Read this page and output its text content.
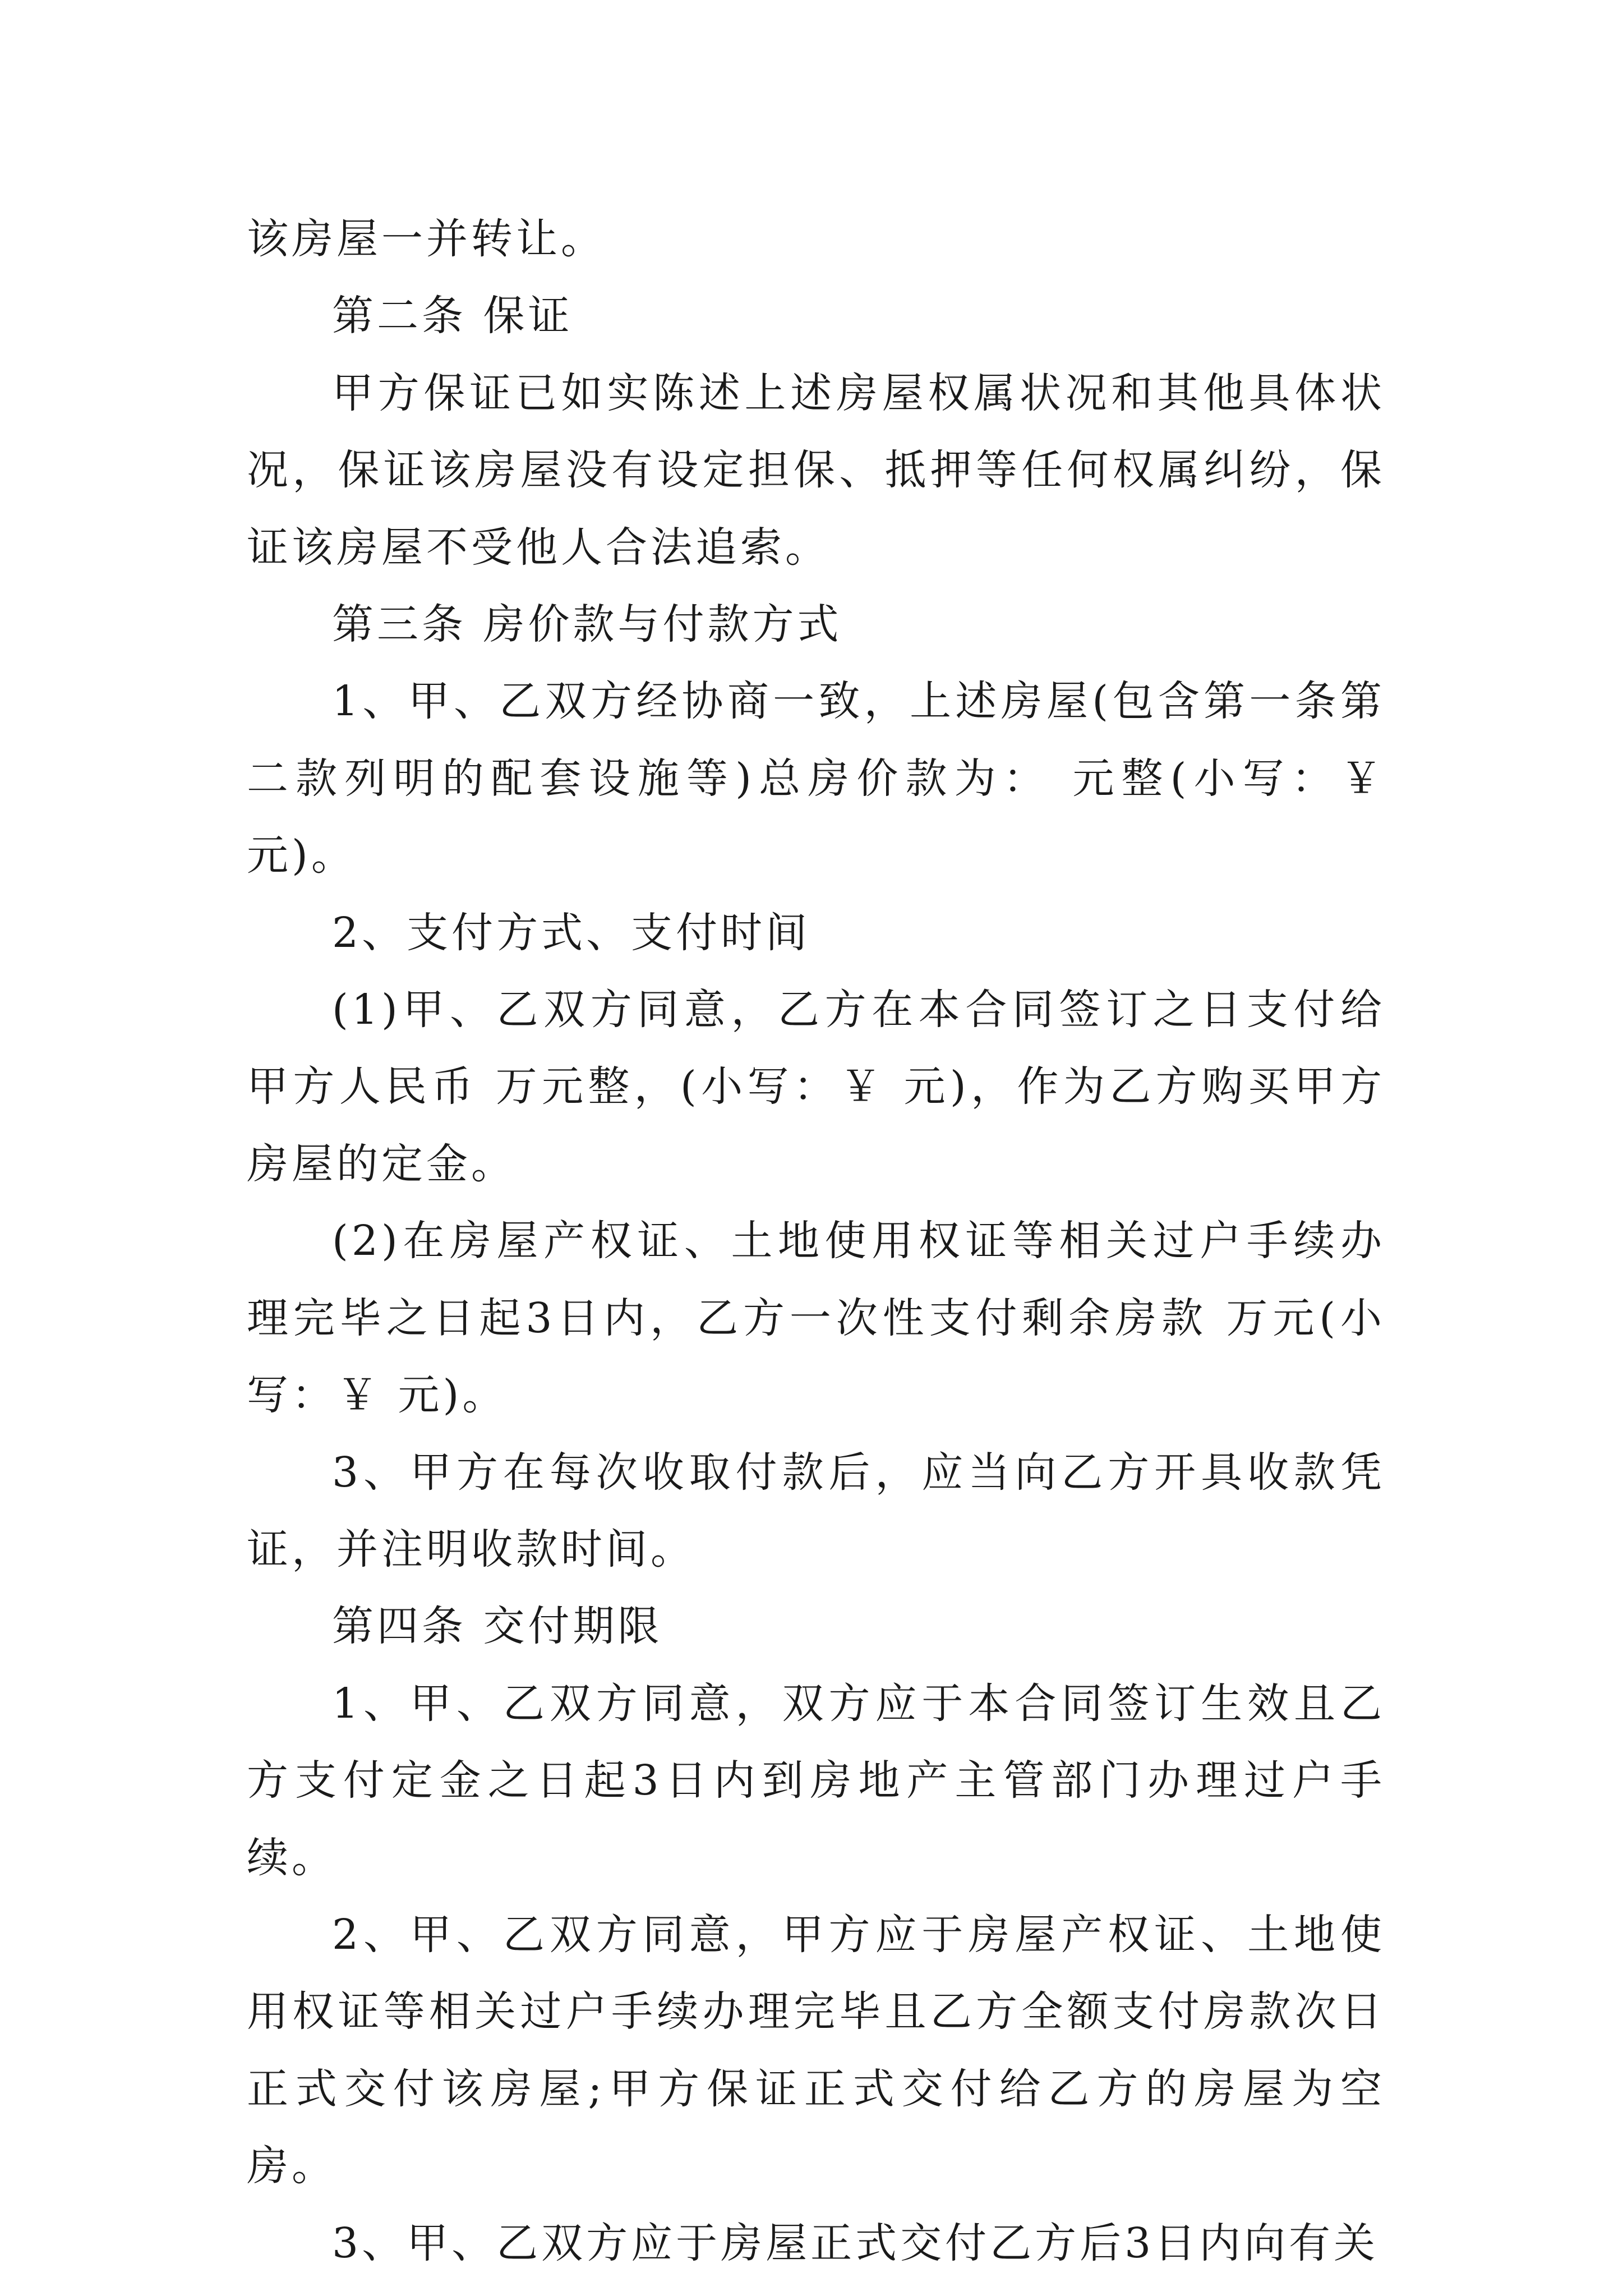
该房屋一并转让。

第二条 保证

甲方保证已如实陈述上述房屋权属状况和其他具体状况，保证该房屋没有设定担保、抵押等任何权属纠纷，保证该房屋不受他人合法追索。

第三条 房价款与付款方式

1、甲、乙双方经协商一致，上述房屋(包含第一条第二款列明的配套设施等)总房价款为： 元整(小写：￥ 元)。

2、支付方式、支付时间

(1)甲、乙双方同意，乙方在本合同签订之日支付给甲方人民币 万元整，(小写：￥ 元)，作为乙方购买甲方房屋的定金。

(2)在房屋产权证、土地使用权证等相关过户手续办理完毕之日起3日内，乙方一次性支付剩余房款 万元(小写：￥ 元)。

3、甲方在每次收取付款后，应当向乙方开具收款凭证，并注明收款时间。

第四条 交付期限

1、甲、乙双方同意，双方应于本合同签订生效且乙方支付定金之日起3日内到房地产主管部门办理过户手续。

2、甲、乙双方同意，甲方应于房屋产权证、土地使用权证等相关过户手续办理完毕且乙方全额支付房款次日正式交付该房屋;甲方保证正式交付给乙方的房屋为空房。

3、甲、乙双方应于房屋正式交付乙方后3日内向有关
